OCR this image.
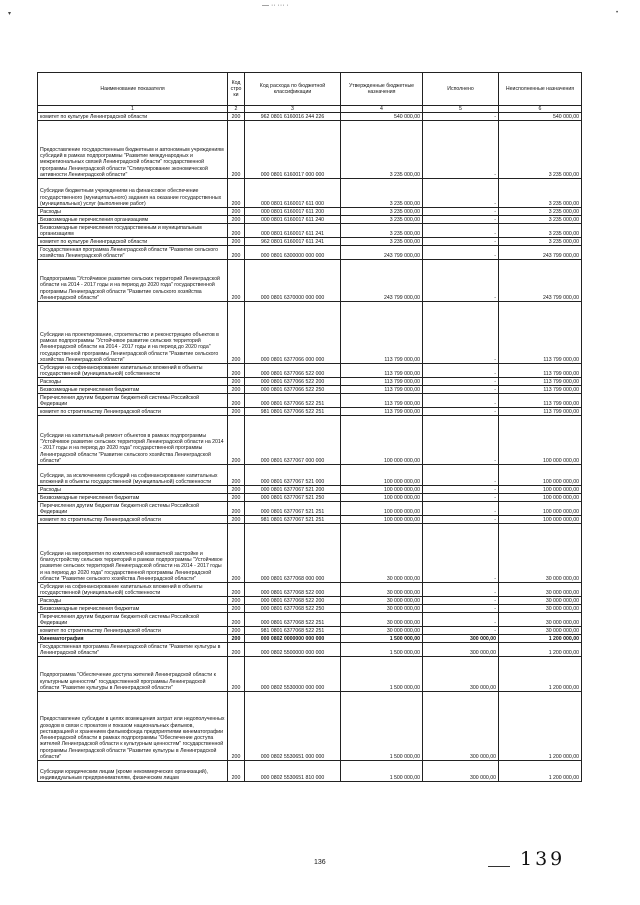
— ·· ··· ·
▾	•
Наименование показателя	Код стро ки	Код расхода по бюджетной классификации	Утвержденные бюджетные назначения	Исполнено	Неисполненные назначения
1	2	3	4	5	6
комитет по культуре Ленинградской области	200	962 0801 6160016 244 226	540 000,00	-	540 000,00
Предоставление государственным бюджетным и автономным учреждениям субсидий в рамках подпрограммы "Развитие международных и межрегиональных связей Ленинградской области" государственной программы Ленинградской области "Стимулирование экономической активности Ленинградской области"	200	000 0801 6160017 000 000	3 235 000,00	-	3 235 000,00
Субсидии бюджетным учреждениям на финансовое обеспечение государственного (муниципального) задания на оказание государственных (муниципальных) услуг (выполнение работ)	200	000 0801 6160017 611 000	3 235 000,00	-	3 235 000,00
Расходы	200	000 0801 6160017 611 200	3 235 000,00	-	3 235 000,00
Безвозмездные перечисления организациям	200	000 0801 6160017 611 240	3 235 000,00	-	3 235 000,00
Безвозмездные перечисления государственным и муниципальным организациям	200	000 0801 6160017 611 241	3 235 000,00	-	3 235 000,00
комитет по культуре Ленинградской области	200	962 0801 6160017 611 241	3 235 000,00	-	3 235 000,00
Государственная программа Ленинградской области "Развитие сельского хозяйства Ленинградской области"	200	000 0801 6300000 000 000	243 799 000,00	-	243 799 000,00
Подпрограмма "Устойчивое развитие сельских территорий Ленинградской области на 2014 - 2017 годы и на период до 2020 года" государственной программы Ленинградской области "Развитие сельского хозяйства Ленинградской области"	200	000 0801 6370000 000 000	243 799 000,00	-	243 799 000,00
Субсидии на проектирование, строительство и реконструкцию объектов в рамках подпрограммы "Устойчивое развитие сельских территорий Ленинградской области на 2014 - 2017 годы и на период до 2020 года" государственной программы Ленинградской области "Развитие сельского хозяйства Ленинградской области"	200	000 0801 6377066 000 000	113 799 000,00	-	113 799 000,00
Субсидии на софинансирование капитальных вложений в объекты государственной (муниципальной) собственности	200	000 0801 6377066 522 000	113 799 000,00	-	113 799 000,00
Расходы	200	000 0801 6377066 522 200	113 799 000,00	-	113 799 000,00
Безвозмездные перечисления бюджетам	200	000 0801 6377066 522 250	113 799 000,00	-	113 799 000,00
Перечисления другим бюджетам бюджетной системы Российской Федерации	200	000 0801 6377066 522 251	113 799 000,00	-	113 799 000,00
комитет по строительству Ленинградской области	200	981 0801 6377066 522 251	113 799 000,00	-	113 799 000,00
Субсидии на капитальный ремонт объектов в рамках подпрограммы "Устойчивое развитие сельских территорий Ленинградской области на 2014 - 2017 годы и на период до 2020 года" государственной программы Ленинградской области "Развитие сельского хозяйства Ленинградской области"	200	000 0801 6377067 000 000	100 000 000,00	-	100 000 000,00
Субсидии, за исключением субсидий на софинансирование капитальных вложений в объекты государственной (муниципальной) собственности	200	000 0801 6377067 521 000	100 000 000,00	-	100 000 000,00
Расходы	200	000 0801 6377067 521 200	100 000 000,00	-	100 000 000,00
Безвозмездные перечисления бюджетам	200	000 0801 6377067 521 250	100 000 000,00	-	100 000 000,00
Перечисления другим бюджетам бюджетной системы Российской Федерации	200	000 0801 6377067 521 251	100 000 000,00	-	100 000 000,00
комитет по строительству Ленинградской области	200	981 0801 6377067 521 251	100 000 000,00	-	100 000 000,00
Субсидии на мероприятия по комплексной компактной застройке и благоустройству сельских территорий в рамках подпрограммы "Устойчивое развитие сельских территорий Ленинградской области на 2014 - 2017 годы и на период до 2020 года" государственной программы Ленинградской области "Развитие сельского хозяйства Ленинградской области"	200	000 0801 6377068 000 000	30 000 000,00	-	30 000 000,00
Субсидии на софинансирование капитальных вложений в объекты государственной (муниципальной) собственности	200	000 0801 6377068 522 000	30 000 000,00	-	30 000 000,00
Расходы	200	000 0801 6377068 522 200	30 000 000,00	-	30 000 000,00
Безвозмездные перечисления бюджетам	200	000 0801 6377068 522 250	30 000 000,00	-	30 000 000,00
Перечисления другим бюджетам бюджетной системы Российской Федерации	200	000 0801 6377068 522 251	30 000 000,00	-	30 000 000,00
комитет по строительству Ленинградской области	200	981 0801 6377068 522 251	30 000 000,00	-	30 000 000,00
Кинематография	200	000 0802 0000000 000 000	1 500 000,00	300 000,00	1 200 000,00
Государственная программа Ленинградской области "Развитие культуры в Ленинградской области"	200	000 0802 5500000 000 000	1 500 000,00	300 000,00	1 200 000,00
Подпрограмма "Обеспечение доступа жителей Ленинградской области к культурным ценностям" государственной программы Ленинградской области "Развитие культуры в Ленинградской области"	200	000 0802 5530000 000 000	1 500 000,00	300 000,00	1 200 000,00
Предоставление субсидии в целях возмещения затрат или недополученных доходов в связи с прокатом и показом национальных фильмов, реставрацией и хранением фильмофонда предприятиями кинематографии Ленинградской области в рамках подпрограммы "Обеспечение доступа жителей Ленинградской области к культурным ценностям" государственной программы Ленинградской области "Развитие культуры в Ленинградской области"	200	000 0802 5530651 000 000	1 500 000,00	300 000,00	1 200 000,00
Субсидии юридическим лицам (кроме некоммерческих организаций), индивидуальным предпринимателям, физическим лицам	200	000 0802 5530651 810 000	1 500 000,00	300 000,00	1 200 000,00
136	139
